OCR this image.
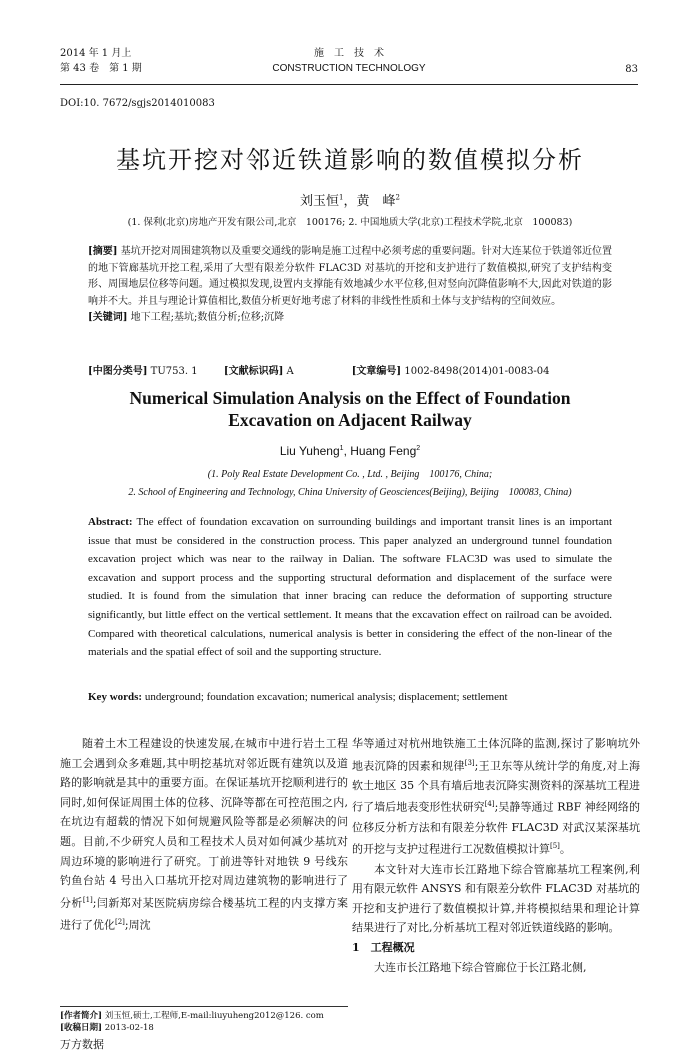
2014 年 1 月上
第 43 卷　第 1 期
施　工　技　术
CONSTRUCTION TECHNOLOGY	83
DOI:10. 7672/sgjs2014010083
基坑开挖对邻近铁道影响的数值模拟分析
刘玉恒$^1$，黄　峰$^2$
(1. 保利(北京)房地产开发有限公司,北京　100176; 2. 中国地质大学(北京)工程技术学院,北京　100083)
[摘要] 基坑开挖对周围建筑物以及重要交通线的影响是施工过程中必须考虑的重要问题。针对大连某位于铁道邻近位置的地下管廊基坑开挖工程,采用了大型有限差分软件 FLAC3D 对基坑的开挖和支护进行了数值模拟,研究了支护结构变形、周围地层位移等问题。通过模拟发现,设置内支撑能有效地减少水平位移,但对竖向沉降值影响不大,因此对铁道的影响并不大。并且与理论计算值相比,数值分析更好地考虑了材料的非线性性质和土体与支护结构的空间效应。
[关键词] 地下工程;基坑;数值分析;位移;沉降
[中图分类号] TU753. 1	[文献标识码] A	[文章编号] 1002-8498(2014)01-0083-04
Numerical Simulation Analysis on the Effect of Foundation
Excavation on Adjacent Railway
Liu Yuheng$^1$, Huang Feng$^2$
(1. Poly Real Estate Development Co. , Ltd. , Beijing　100176, China;
2. School of Engineering and Technology, China University of Geosciences(Beijing), Beijing　100083, China)
Abstract: The effect of foundation excavation on surrounding buildings and important transit lines is an important issue that must be considered in the construction process. This paper analyzed an underground tunnel foundation excavation project which was near to the railway in Dalian. The software FLAC3D was used to simulate the excavation and support process and the supporting structural deformation and displacement of the surface were studied. It is found from the simulation that inner bracing can reduce the deformation of supporting structure significantly, but little effect on the vertical settlement. It means that the excavation effect on railroad can be avoided. Compared with theoretical calculations, numerical analysis is better in considering the effect of the non-linear of the materials and the spatial effect of soil and the supporting structure.
Key words: underground; foundation excavation; numerical analysis; displacement; settlement

随着土木工程建设的快速发展,在城市中进行岩土工程施工会遇到众多难题,其中明挖基坑对邻近既有建筑以及道路的影响就是其中的重要方面。在保证基坑开挖顺利进行的同时,如何保证周围土体的位移、沉降等都在可控范围之内,在坑边有超载的情况下如何规避风险等都是必须解决的问题。目前,不少研究人员和工程技术人员对如何减少基坑对周边环境的影响进行了研究。丁前进等针对地铁 9 号线东钓鱼台站 4 号出入口基坑开挖对周边建筑物的影响进行了分析[1];闫新郑对某医院病房综合楼基坑工程的内支撑方案进行了优化[2];周沈

华等通过对杭州地铁施工土体沉降的监测,探讨了影响坑外地表沉降的因素和规律[3];王卫东等从统计学的角度,对上海软土地区 35 个具有墙后地表沉降实测资料的深基坑工程进行了墙后地表变形性状研究[4];吴静等通过 RBF 神经网络的位移反分析方法和有限差分软件 FLAC3D 对武汉某深基坑的开挖与支护过程进行工况数值模拟计算[5]。

本文针对大连市长江路地下综合管廊基坑工程案例,利用有限元软件 ANSYS 和有限差分软件 FLAC3D 对基坑的开挖和支护进行了数值模拟计算,并将模拟结果和理论计算结果进行了对比,分析基坑工程对邻近铁道线路的影响。

1　工程概况

大连市长江路地下综合管廊位于长江路北侧,

[作者简介] 刘玉恒,硕士,工程师,E-mail:liuyuheng2012@126. com
[收稿日期] 2013-02-18
万方数据
